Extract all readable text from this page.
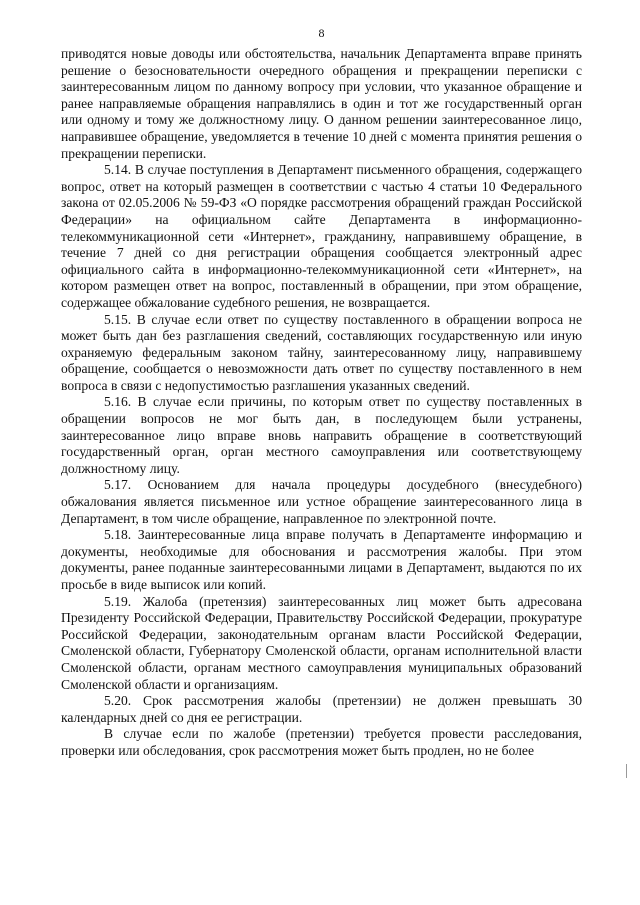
8

приводятся новые доводы или обстоятельства, начальник Департамента вправе принять решение о безосновательности очередного обращения и прекращении переписки с заинтересованным лицом по данному вопросу при условии, что указанное обращение и ранее направляемые обращения направлялись в один и тот же государственный орган или одному и тому же должностному лицу. О данном решении заинтересованное лицо, направившее обращение, уведомляется в течение 10 дней с момента принятия решения о прекращении переписки.

5.14. В случае поступления в Департамент письменного обращения, содержащего вопрос, ответ на который размещен в соответствии с частью 4 статьи 10 Федерального закона от 02.05.2006 № 59-ФЗ «О порядке рассмотрения обращений граждан Российской Федерации» на официальном сайте Департамента в информационно-телекоммуникационной сети «Интернет», гражданину, направившему обращение, в течение 7 дней со дня регистрации обращения сообщается электронный адрес официального сайта в информационно-телекоммуникационной сети «Интернет», на котором размещен ответ на вопрос, поставленный в обращении, при этом обращение, содержащее обжалование судебного решения, не возвращается.

5.15. В случае если ответ по существу поставленного в обращении вопроса не может быть дан без разглашения сведений, составляющих государственную или иную охраняемую федеральным законом тайну, заинтересованному лицу, направившему обращение, сообщается о невозможности дать ответ по существу поставленного в нем вопроса в связи с недопустимостью разглашения указанных сведений.

5.16. В случае если причины, по которым ответ по существу поставленных в обращении вопросов не мог быть дан, в последующем были устранены, заинтересованное лицо вправе вновь направить обращение в соответствующий государственный орган, орган местного самоуправления или соответствующему должностному лицу.

5.17. Основанием для начала процедуры досудебного (внесудебного) обжалования является письменное или устное обращение заинтересованного лица в Департамент, в том числе обращение, направленное по электронной почте.

5.18. Заинтересованные лица вправе получать в Департаменте информацию и документы, необходимые для обоснования и рассмотрения жалобы. При этом документы, ранее поданные заинтересованными лицами в Департамент, выдаются по их просьбе в виде выписок или копий.

5.19. Жалоба (претензия) заинтересованных лиц может быть адресована Президенту Российской Федерации, Правительству Российской Федерации, прокуратуре Российской Федерации, законодательным органам власти Российской Федерации, Смоленской области, Губернатору Смоленской области, органам исполнительной власти Смоленской области, органам местного самоуправления муниципальных образований Смоленской области и организациям.

5.20. Срок рассмотрения жалобы (претензии) не должен превышать 30 календарных дней со дня ее регистрации.

В случае если по жалобе (претензии) требуется провести расследования, проверки или обследования, срок рассмотрения может быть продлен, но не более
